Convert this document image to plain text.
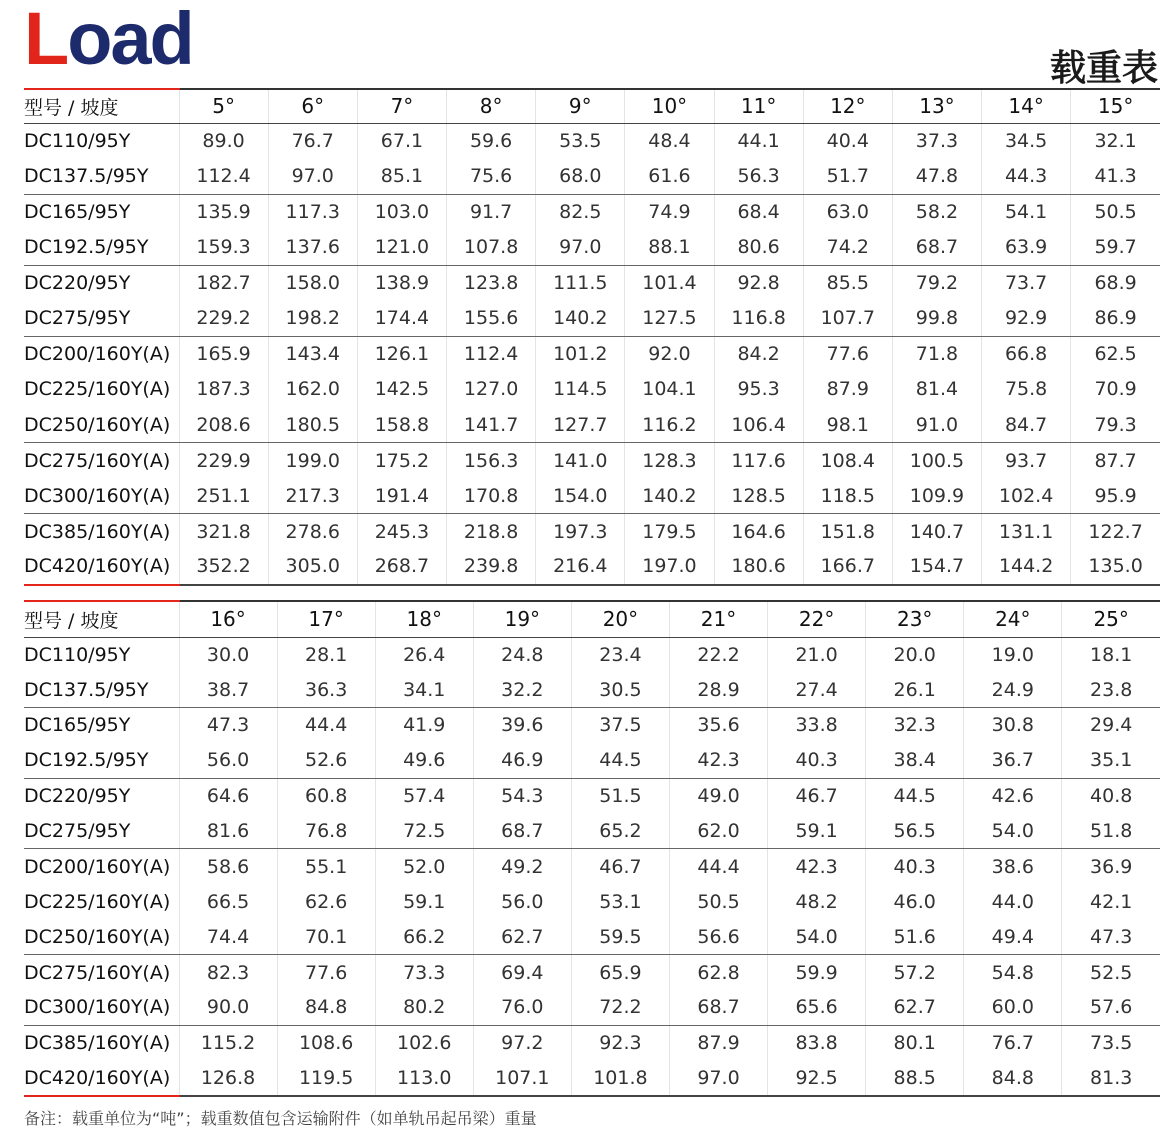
Load	载重表
型号 / 坡度	5°	6°	7°	8°	9°	10°	11°	12°	13°	14°	15°
DC110/95Y	89.0	76.7	67.1	59.6	53.5	48.4	44.1	40.4	37.3	34.5	32.1
DC137.5/95Y	112.4	97.0	85.1	75.6	68.0	61.6	56.3	51.7	47.8	44.3	41.3
DC165/95Y	135.9	117.3	103.0	91.7	82.5	74.9	68.4	63.0	58.2	54.1	50.5
DC192.5/95Y	159.3	137.6	121.0	107.8	97.0	88.1	80.6	74.2	68.7	63.9	59.7
DC220/95Y	182.7	158.0	138.9	123.8	111.5	101.4	92.8	85.5	79.2	73.7	68.9
DC275/95Y	229.2	198.2	174.4	155.6	140.2	127.5	116.8	107.7	99.8	92.9	86.9
DC200/160Y(A)	165.9	143.4	126.1	112.4	101.2	92.0	84.2	77.6	71.8	66.8	62.5
DC225/160Y(A)	187.3	162.0	142.5	127.0	114.5	104.1	95.3	87.9	81.4	75.8	70.9
DC250/160Y(A)	208.6	180.5	158.8	141.7	127.7	116.2	106.4	98.1	91.0	84.7	79.3
DC275/160Y(A)	229.9	199.0	175.2	156.3	141.0	128.3	117.6	108.4	100.5	93.7	87.7
DC300/160Y(A)	251.1	217.3	191.4	170.8	154.0	140.2	128.5	118.5	109.9	102.4	95.9
DC385/160Y(A)	321.8	278.6	245.3	218.8	197.3	179.5	164.6	151.8	140.7	131.1	122.7
DC420/160Y(A)	352.2	305.0	268.7	239.8	216.4	197.0	180.6	166.7	154.7	144.2	135.0
型号 / 坡度	16°	17°	18°	19°	20°	21°	22°	23°	24°	25°
DC110/95Y	30.0	28.1	26.4	24.8	23.4	22.2	21.0	20.0	19.0	18.1
DC137.5/95Y	38.7	36.3	34.1	32.2	30.5	28.9	27.4	26.1	24.9	23.8
DC165/95Y	47.3	44.4	41.9	39.6	37.5	35.6	33.8	32.3	30.8	29.4
DC192.5/95Y	56.0	52.6	49.6	46.9	44.5	42.3	40.3	38.4	36.7	35.1
DC220/95Y	64.6	60.8	57.4	54.3	51.5	49.0	46.7	44.5	42.6	40.8
DC275/95Y	81.6	76.8	72.5	68.7	65.2	62.0	59.1	56.5	54.0	51.8
DC200/160Y(A)	58.6	55.1	52.0	49.2	46.7	44.4	42.3	40.3	38.6	36.9
DC225/160Y(A)	66.5	62.6	59.1	56.0	53.1	50.5	48.2	46.0	44.0	42.1
DC250/160Y(A)	74.4	70.1	66.2	62.7	59.5	56.6	54.0	51.6	49.4	47.3
DC275/160Y(A)	82.3	77.6	73.3	69.4	65.9	62.8	59.9	57.2	54.8	52.5
DC300/160Y(A)	90.0	84.8	80.2	76.0	72.2	68.7	65.6	62.7	60.0	57.6
DC385/160Y(A)	115.2	108.6	102.6	97.2	92.3	87.9	83.8	80.1	76.7	73.5
DC420/160Y(A)	126.8	119.5	113.0	107.1	101.8	97.0	92.5	88.5	84.8	81.3
备注：载重单位为“吨”；载重数值包含运输附件（如单轨吊起吊梁）重量
